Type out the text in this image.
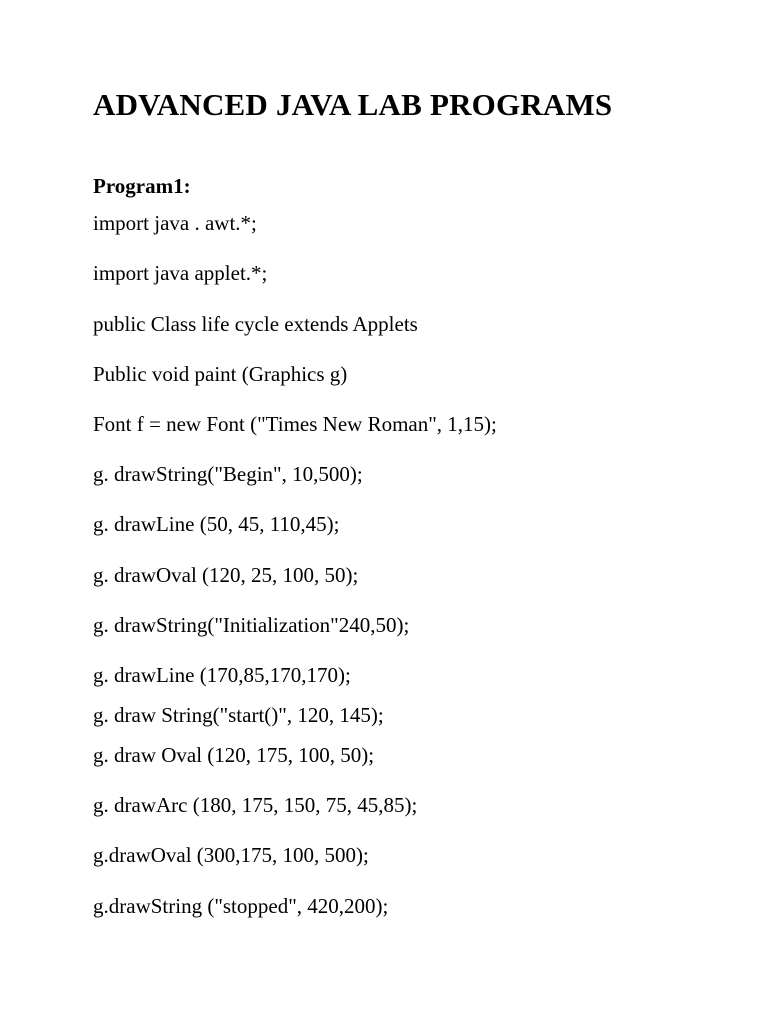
ADVANCED JAVA LAB PROGRAMS
Program1:
import java . awt.*;
import java applet.*;
public Class life cycle extends Applets
Public void paint (Graphics g)
Font f = new Font ("Times New Roman", 1,15);
g. drawString("Begin", 10,500);
g. drawLine (50, 45, 110,45);
g. drawOval (120, 25, 100, 50);
g. drawString("Initialization"240,50);
g. drawLine (170,85,170,170);
g. draw String("start()", 120, 145);
g. draw Oval (120, 175, 100, 50);
g. drawArc (180, 175, 150, 75, 45,85);
g.drawOval (300,175, 100, 500);
g.drawString ("stopped", 420,200);
